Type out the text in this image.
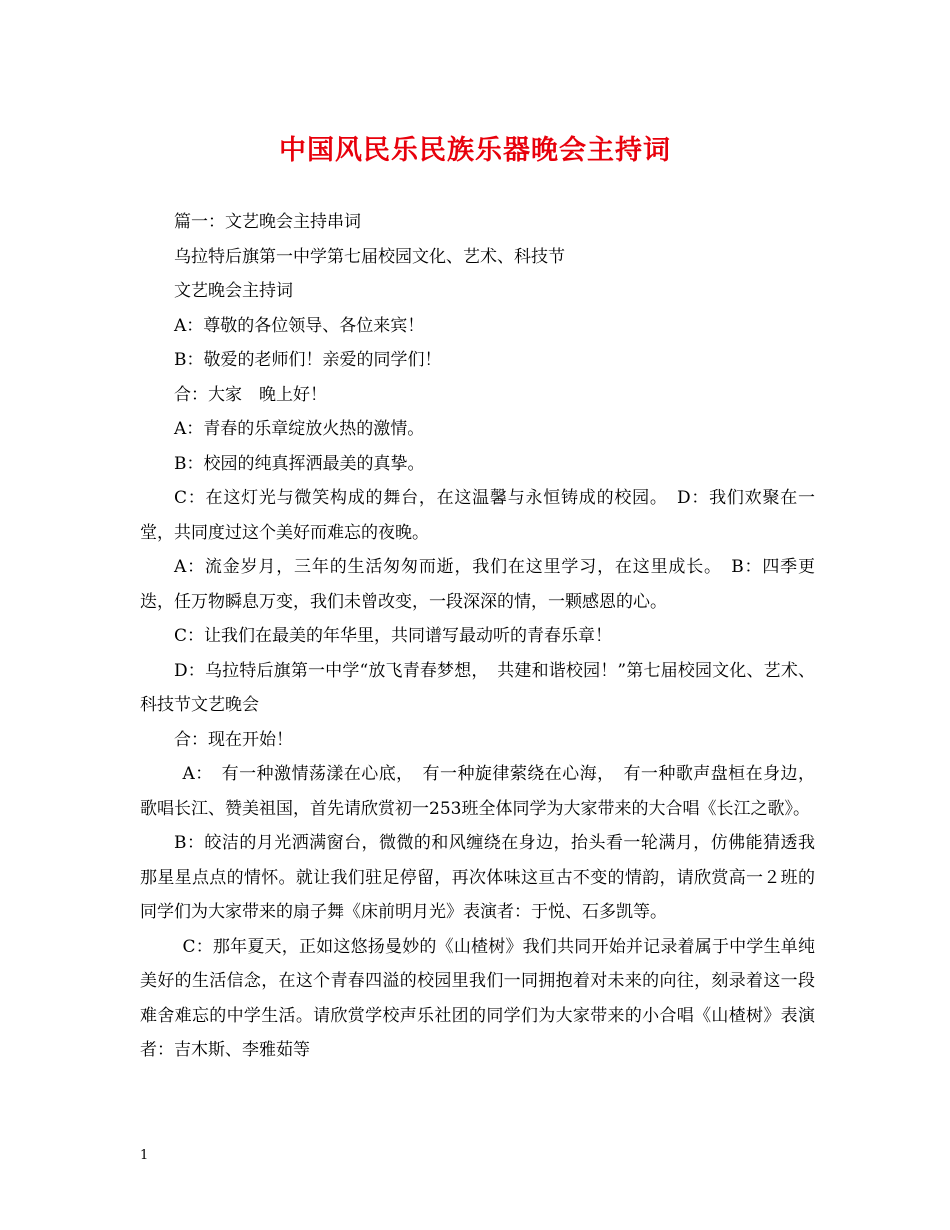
中国风民乐民族乐器晚会主持词

篇一：文艺晚会主持串词

乌拉特后旗第一中学第七届校园文化、艺术、科技节

文艺晚会主持词

A：尊敬的各位领导、各位来宾！

B：敬爱的老师们！亲爱的同学们！

合：大家　晚上好！

A：青春的乐章绽放火热的激情。

B：校园的纯真挥洒最美的真挚。

C：在这灯光与微笑构成的舞台，在这温馨与永恒铸成的校园。　D：我们欢聚在一堂，共同度过这个美好而难忘的夜晚。

A：流金岁月，三年的生活匆匆而逝，我们在这里学习，在这里成长。　B：四季更迭，任万物瞬息万变，我们未曾改变，一段深深的情，一颗感恩的心。

C：让我们在最美的年华里，共同谱写最动听的青春乐章！

D：乌拉特后旗第一中学“放飞青春梦想，　共建和谐校园！”第七届校园文化、艺术、科技节文艺晚会

合：现在开始！

A：　有一种激情荡漾在心底，　有一种旋律萦绕在心海，　有一种歌声盘桓在身边，歌唱长江、赞美祖国，首先请欣赏初一253班全体同学为大家带来的大合唱《长江之歌》。

B：皎洁的月光洒满窗台，微微的和风缠绕在身边，抬头看一轮满月，仿佛能猜透我那星星点点的情怀。就让我们驻足停留，再次体味这亘古不变的情韵，请欣赏高一２班的同学们为大家带来的扇子舞《床前明月光》表演者：于悦、石多凯等。

C：那年夏天，正如这悠扬曼妙的《山楂树》我们共同开始并记录着属于中学生单纯美好的生活信念，在这个青春四溢的校园里我们一同拥抱着对未来的向往，刻录着这一段难舍难忘的中学生活。请欣赏学校声乐社团的同学们为大家带来的小合唱《山楂树》表演者：吉木斯、李雅茹等

1
